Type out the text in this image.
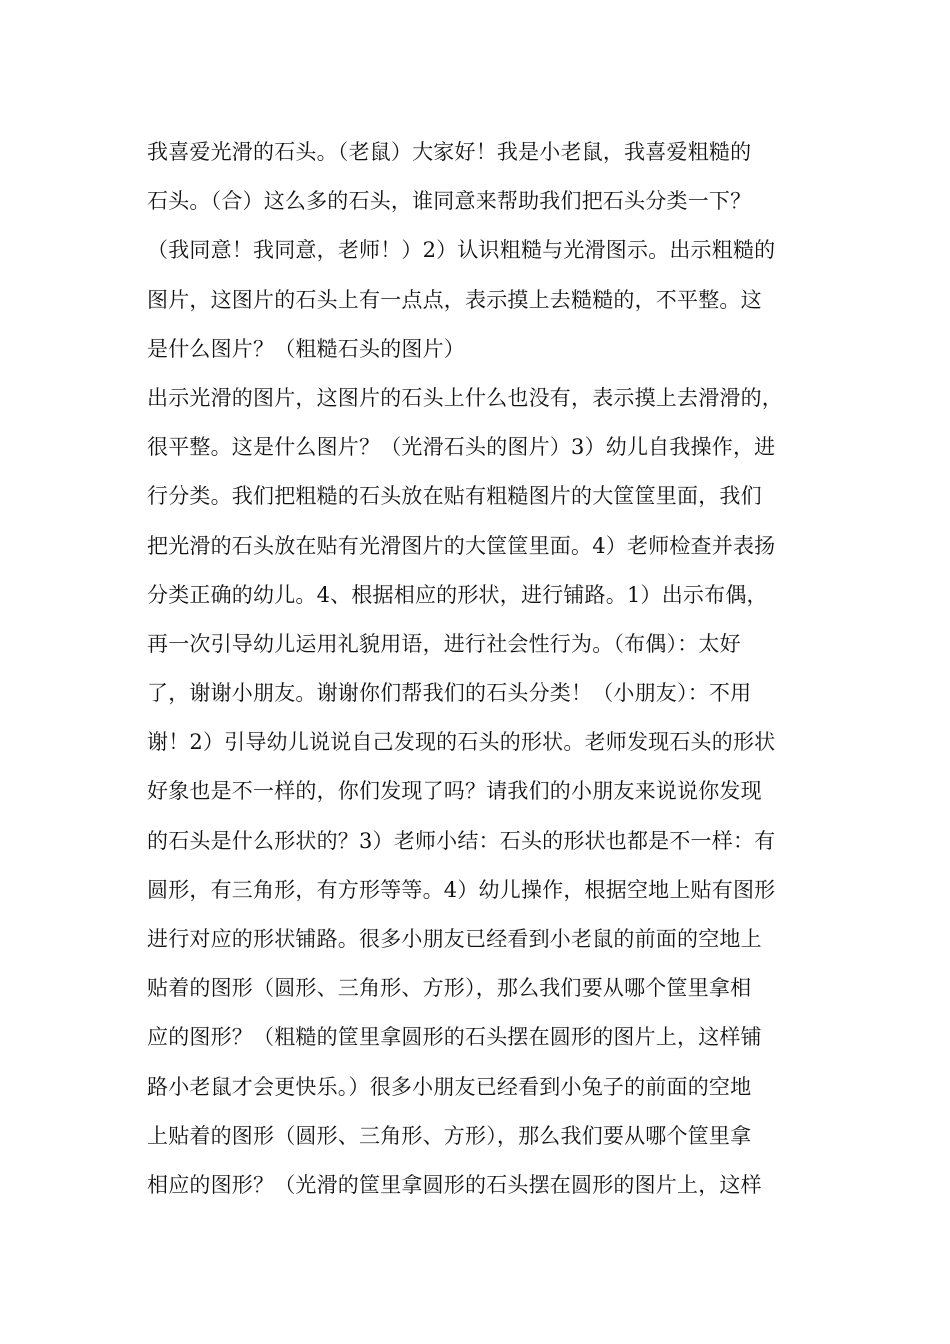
我喜爱光滑的石头。（老鼠）大家好！我是小老鼠，我喜爱粗糙的
石头。（合）这么多的石头，谁同意来帮助我们把石头分类一下？
（我同意！我同意，老师！）2）认识粗糙与光滑图示。出示粗糙的
图片，这图片的石头上有一点点，表示摸上去糙糙的，不平整。这
是什么图片？（粗糙石头的图片）
出示光滑的图片，这图片的石头上什么也没有，表示摸上去滑滑的，
很平整。这是什么图片？（光滑石头的图片）3）幼儿自我操作，进
行分类。我们把粗糙的石头放在贴有粗糙图片的大筐筐里面，我们
把光滑的石头放在贴有光滑图片的大筐筐里面。4）老师检查并表扬
分类正确的幼儿。4、根据相应的形状，进行铺路。1）出示布偶，
再一次引导幼儿运用礼貌用语，进行社会性行为。（布偶）：太好
了，谢谢小朋友。谢谢你们帮我们的石头分类！（小朋友）：不用
谢！2）引导幼儿说说自己发现的石头的形状。老师发现石头的形状
好象也是不一样的，你们发现了吗？请我们的小朋友来说说你发现
的石头是什么形状的？3）老师小结：石头的形状也都是不一样：有
圆形，有三角形，有方形等等。4）幼儿操作，根据空地上贴有图形
进行对应的形状铺路。很多小朋友已经看到小老鼠的前面的空地上
贴着的图形（圆形、三角形、方形），那么我们要从哪个筐里拿相
应的图形？（粗糙的筐里拿圆形的石头摆在圆形的图片上，这样铺
路小老鼠才会更快乐。）很多小朋友已经看到小兔子的前面的空地
上贴着的图形（圆形、三角形、方形），那么我们要从哪个筐里拿
相应的图形？（光滑的筐里拿圆形的石头摆在圆形的图片上，这样
